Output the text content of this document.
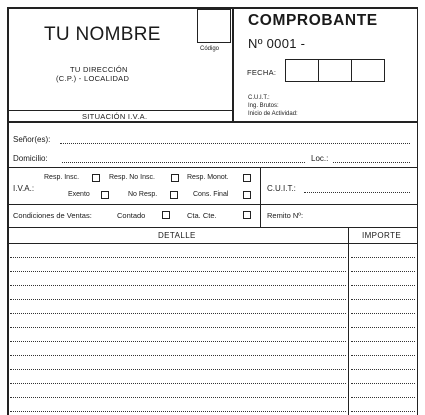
TU NOMBRE
TU DIRECCIÓN
(C.P.) - LOCALIDAD
SITUACIÓN I.V.A.
Código
COMPROBANTE
Nº 0001 -
FECHA:
C.U.I.T.:
Ing. Brutos:
Inicio de Actividad:
Señor(es):
Domicilio:	Loc.:
I.V.A.:
Resp. Insc.	Resp. No Insc.	Resp. Monot.
Exento	No Resp.	Cons. Final
C.U.I.T.:
Condiciones de Ventas:	Contado	Cta. Cte.	Remito Nº:
DETALLE	IMPORTE
